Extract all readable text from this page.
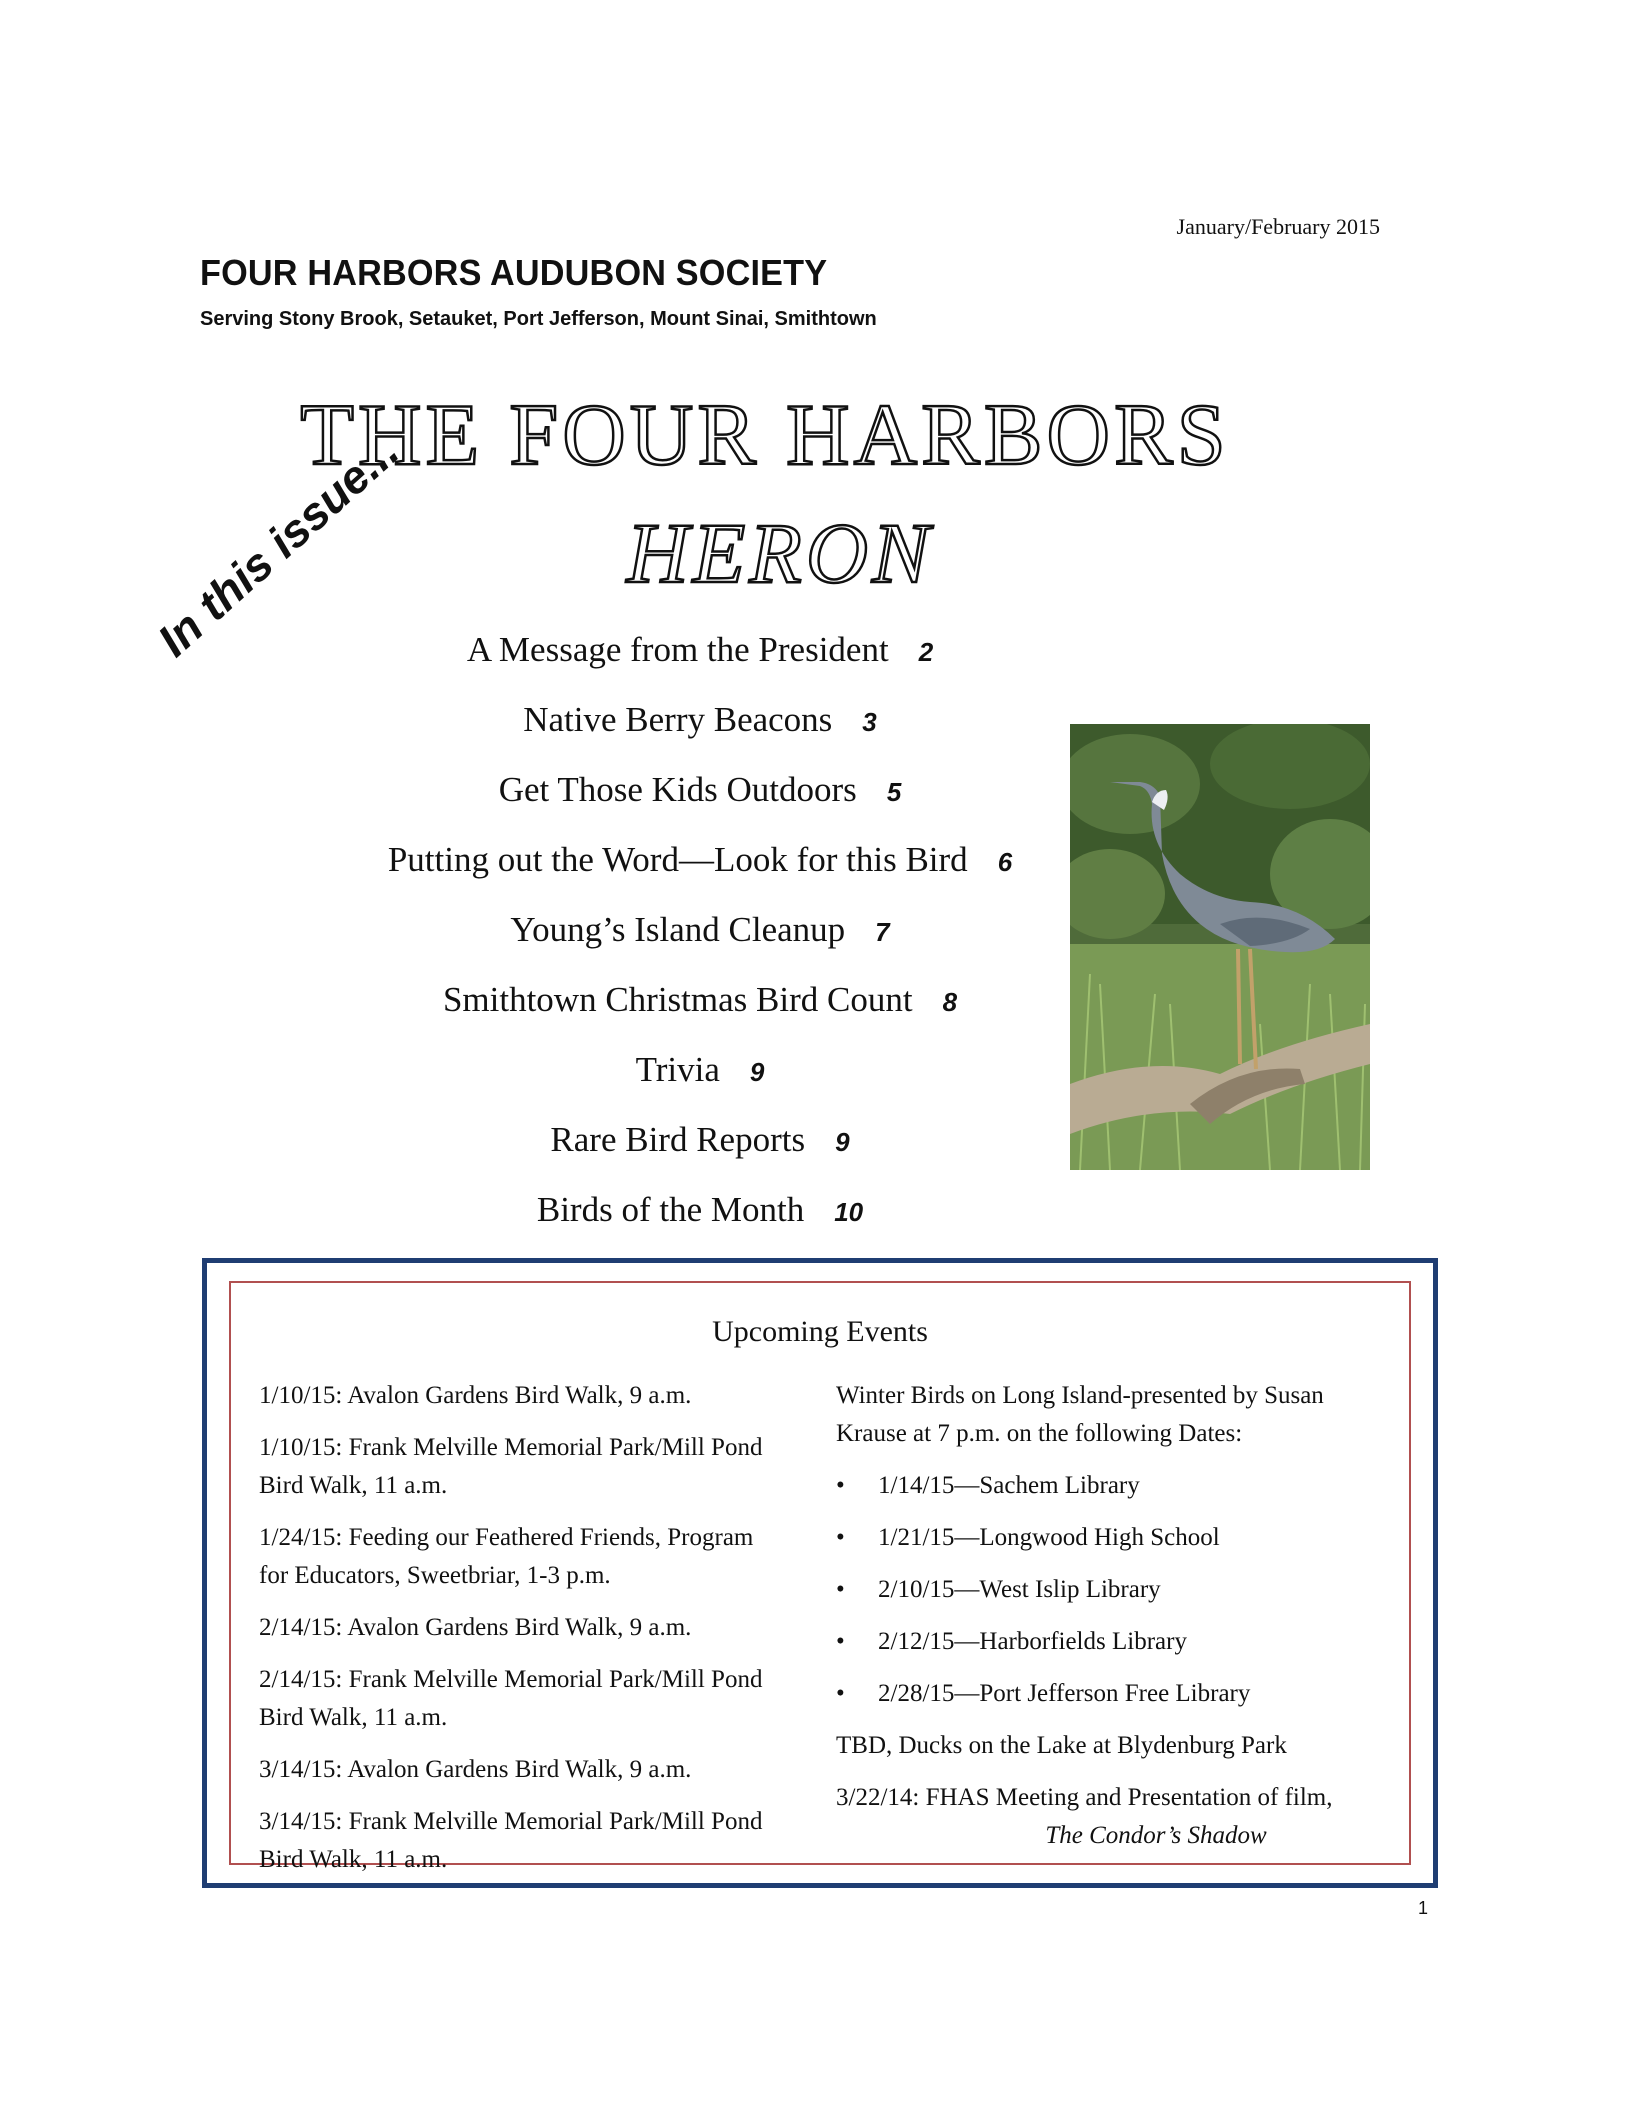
January/February 2015
FOUR HARBORS AUDUBON SOCIETY
Serving Stony Brook, Setauket, Port Jefferson, Mount Sinai, Smithtown
THE FOUR HARBORS
HERON
In this issue... A Message from the President 2
Native Berry Beacons 3
Get Those Kids Outdoors 5
Putting out the Word—Look for this Bird 6
Young’s Island Cleanup 7
Smithtown Christmas Bird Count 8
Trivia 9
Rare Bird Reports 9
Birds of the Month 10
Upcoming Events
1/10/15: Avalon Gardens Bird Walk, 9 a.m.
1/10/15: Frank Melville Memorial Park/Mill Pond Bird Walk, 11 a.m.
1/24/15: Feeding our Feathered Friends, Program for Educators, Sweetbriar, 1-3 p.m.
2/14/15: Avalon Gardens Bird Walk, 9 a.m.
2/14/15: Frank Melville Memorial Park/Mill Pond Bird Walk, 11 a.m.
3/14/15: Avalon Gardens Bird Walk, 9 a.m.
3/14/15: Frank Melville Memorial Park/Mill Pond Bird Walk, 11 a.m.
Winter Birds on Long Island-presented by Susan Krause at 7 p.m. on the following Dates:
•	1/14/15—Sachem Library
•	1/21/15—Longwood High School
•	2/10/15—West Islip Library
•	2/12/15—Harborfields Library
•	2/28/15—Port Jefferson Free Library
TBD, Ducks on the Lake at Blydenburg Park
3/22/14: FHAS Meeting and Presentation of film,
The Condor’s Shadow
1
